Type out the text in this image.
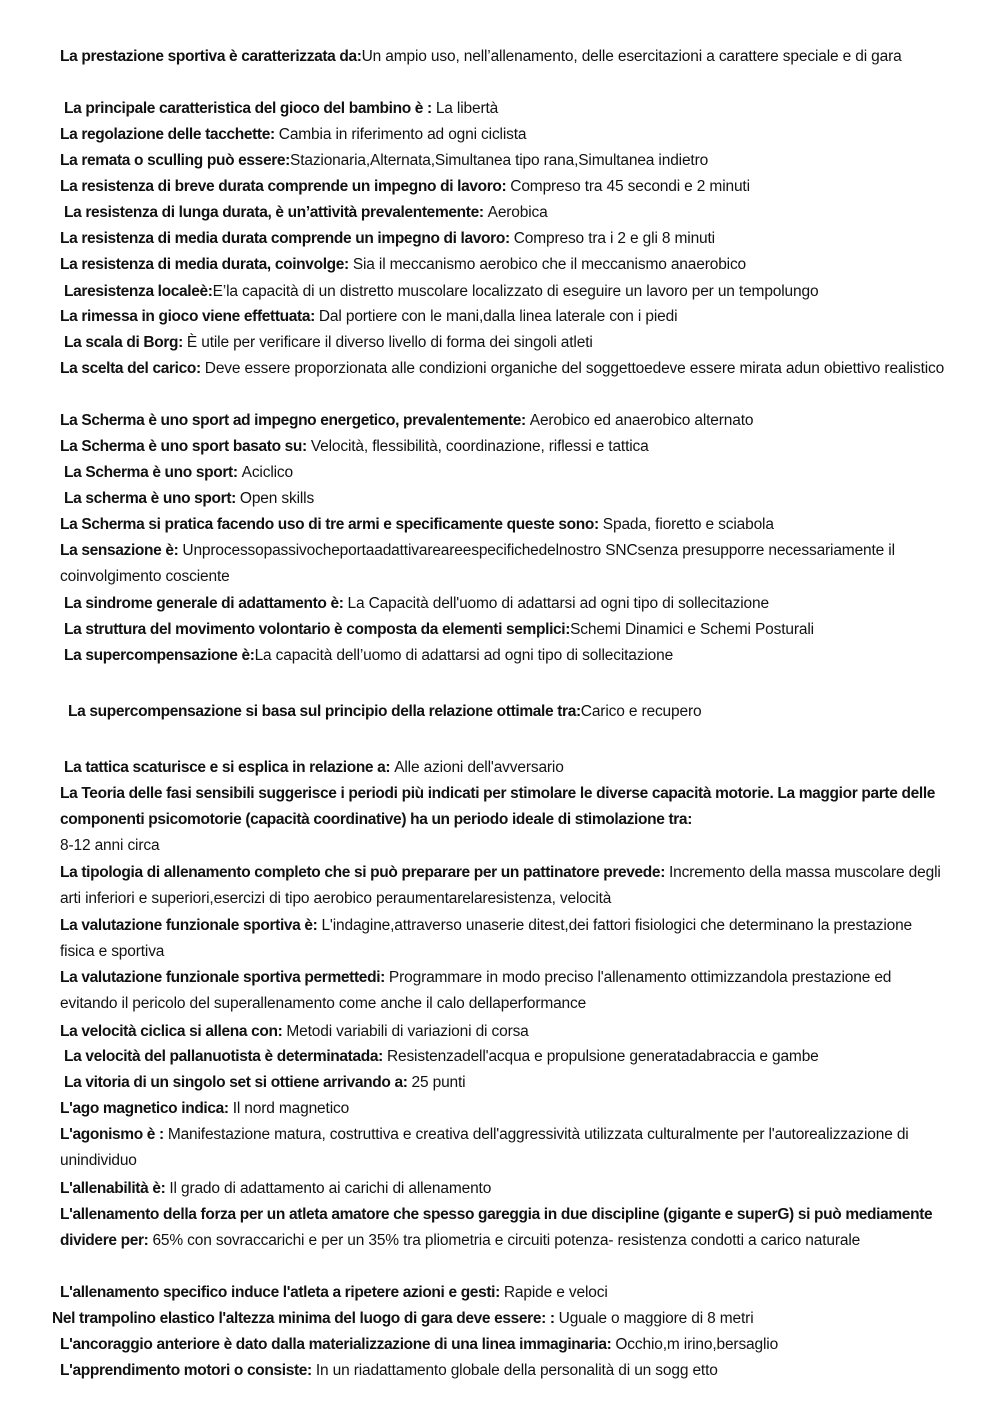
La prestazione sportiva è caratterizzata da:Un ampio uso, nell’allenamento, delle esercitazioni a carattere speciale e di gara
La principale caratteristica del gioco del bambino è : La libertà
La regolazione delle tacchette: Cambia in riferimento ad ogni ciclista
La remata o sculling può essere:Stazionaria,Alternata,Simultanea tipo rana,Simultanea indietro
La resistenza di breve durata comprende un impegno di lavoro: Compreso tra 45 secondi e 2 minuti
La resistenza di lunga durata, è un’attività prevalentemente: Aerobica
La resistenza di media durata comprende un impegno di lavoro: Compreso tra i 2 e gli 8 minuti
La resistenza di media durata, coinvolge: Sia il meccanismo aerobico che il meccanismo anaerobico
Laresistenza localeè:E’la capacità di un distretto muscolare localizzato di eseguire un lavoro per un tempolungo
La rimessa in gioco viene effettuata: Dal portiere con le mani,dalla linea laterale con i piedi
La scala di Borg: È utile per verificare il diverso livello di forma dei singoli atleti
La scelta del carico: Deve essere proporzionata alle condizioni organiche del soggettoedeve essere mirata adun obiettivo realistico
La Scherma è uno sport ad impegno energetico, prevalentemente: Aerobico ed anaerobico alternato
La Scherma è uno sport basato su: Velocità, flessibilità, coordinazione, riflessi e tattica
La Scherma è uno sport: Aciclico
La scherma è uno sport: Open skills
La Scherma si pratica facendo uso di tre armi e specificamente queste sono: Spada, fioretto e sciabola
La sensazione è: Unprocessopassivocheportaadattivareareespecifichedelnostro SNCsenza presupporre necessariamente il coinvolgimento cosciente
La sindrome generale di adattamento è: La Capacità dell'uomo di adattarsi ad ogni tipo di sollecitazione
La struttura del movimento volontario è composta da elementi semplici:Schemi Dinamici e Schemi Posturali
La supercompensazione è:La capacità dell’uomo di adattarsi ad ogni tipo di sollecitazione
La supercompensazione si basa sul principio della relazione ottimale tra:Carico e recupero
La tattica scaturisce e si esplica in relazione a: Alle azioni dell'avversario
La Teoria delle fasi sensibili suggerisce i periodi più indicati per stimolare le diverse capacità motorie. La maggior parte delle componenti psicomotorie (capacità coordinative) ha un periodo ideale di stimolazione tra:
8-12 anni circa
La tipologia di allenamento completo che si può preparare per un pattinatore prevede: Incremento della massa muscolare degli arti inferiori e superiori,esercizi di tipo aerobico peraumentarelaresistenza, velocità
La valutazione funzionale sportiva è: L'indagine,attraverso unaserie ditest,dei fattori fisiologici che determinano la prestazione fisica e sportiva
La valutazione funzionale sportiva permettedi: Programmare in modo preciso l'allenamento ottimizzandola prestazione ed evitando il pericolo del superallenamento come anche il calo dellaperformance
La velocità ciclica si allena con: Metodi variabili di variazioni di corsa
La velocità del pallanuotista è determinatada: Resistenzadell'acqua e propulsione generatadabraccia e gambe
La vitoria di un singolo set si ottiene arrivando a: 25 punti
L'ago magnetico indica: Il nord magnetico
L'agonismo è : Manifestazione matura, costruttiva e creativa dell'aggressività utilizzata culturalmente per l'autorealizzazione di unindividuo
L'allenabilità è: Il grado di adattamento ai carichi di allenamento
L'allenamento della forza per un atleta amatore che spesso gareggia in due discipline (gigante e superG) si può mediamente dividere per: 65% con sovraccarichi e per un 35% tra pliometria e circuiti potenza- resistenza condotti a carico naturale
L'allenamento specifico induce l'atleta a ripetere azioni e gesti: Rapide e veloci
Nel trampolino elastico l'altezza minima del luogo di gara deve essere: : Uguale o maggiore di 8 metri
L'ancoraggio anteriore è dato dalla materializzazione di una linea immaginaria: Occhio,m irino,bersaglio
L'apprendimento motori o consiste: In un riadattamento globale della personalità di un sogg etto
